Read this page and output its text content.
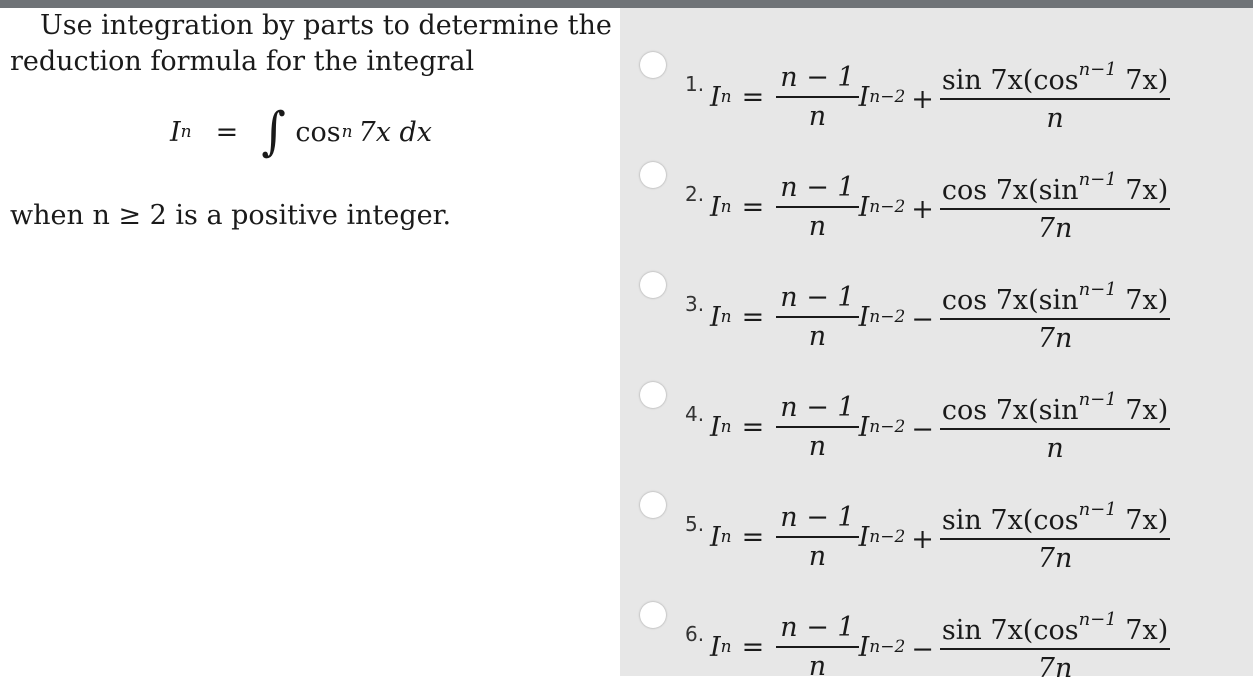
Use integration by parts to determine the reduction formula for the integral

I n = ∫ cos n 7x dx
when n ≥ 2 is a positive integer.
1. I $n = \frac{n - 1}{n}$ I $n-2 + \frac{\sin 7x(\cos^{n-1} 7x)}{n}$
2. I $n = \frac{n - 1}{n}$ I $n-2 + \frac{\cos 7x(\sin^{n-1} 7x)}{7n}$
3. I $n = \frac{n - 1}{n}$ I $n-2 - \frac{\cos 7x(\sin^{n-1} 7x)}{7n}$
4. I $n = \frac{n - 1}{n}$ I $n-2 - \frac{\cos 7x(\sin^{n-1} 7x)}{n}$
5. I $n = \frac{n - 1}{n}$ I $n-2 + \frac{\sin 7x(\cos^{n-1} 7x)}{7n}$
6. I $n = \frac{n - 1}{n}$ I $n-2 - \frac{\sin 7x(\cos^{n-1} 7x)}{7n}$
